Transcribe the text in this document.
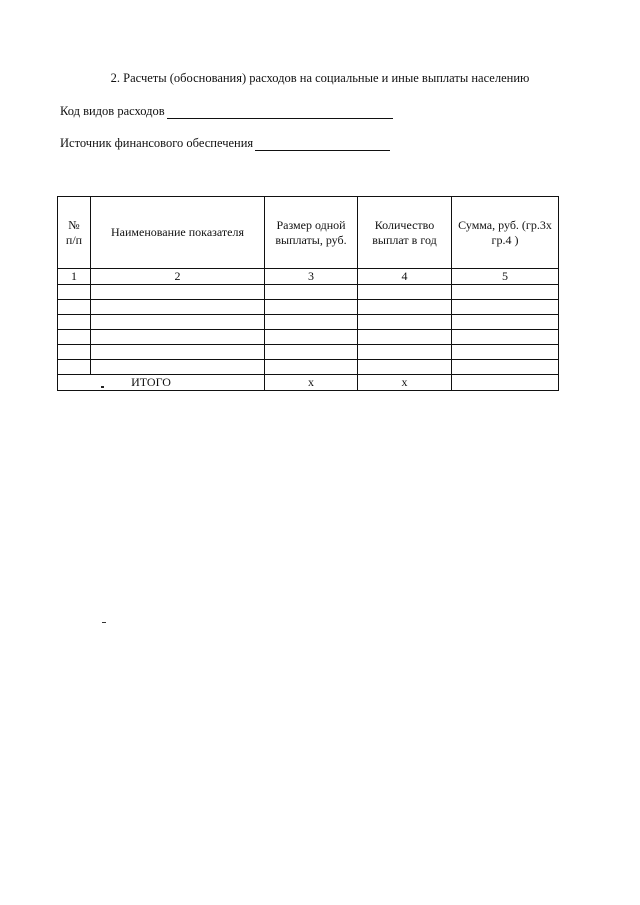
2. Расчеты (обоснования) расходов на социальные и иные выплаты населению
Код видов расходов
Источник финансового обеспечения
№
п/п	Наименование показателя	Размер одной выплаты, руб.	Количество выплат в год	Сумма, руб. (гр.3х гр.4 )
1	2	3	4	5

ИТОГО		х	х	
